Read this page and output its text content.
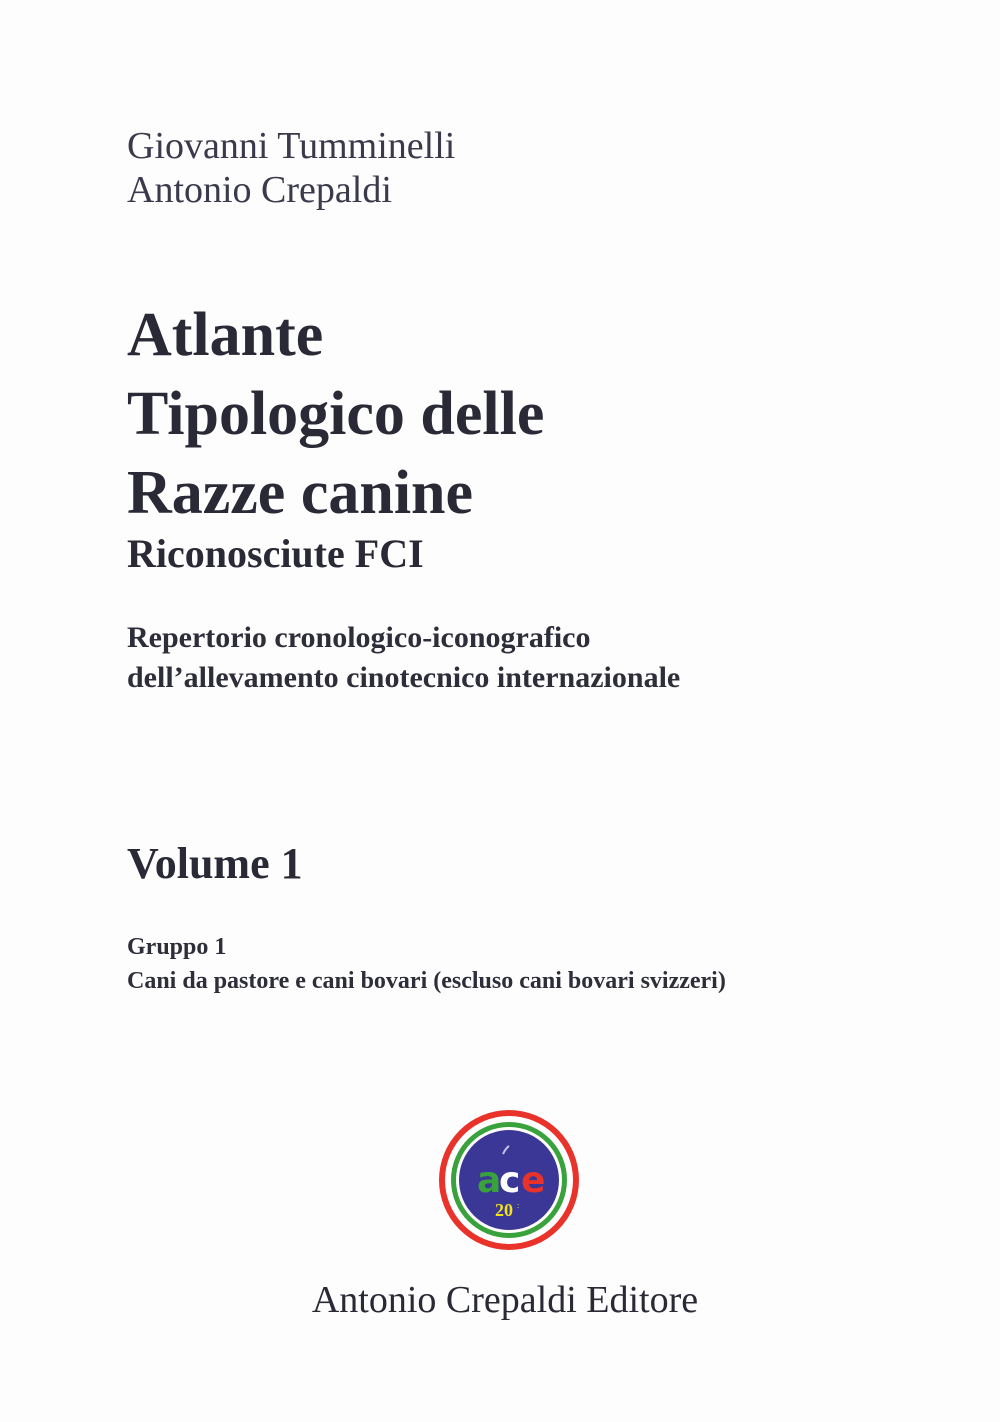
Giovanni Tumminelli
Antonio Crepaldi
Atlante
Tipologico delle
Razze canine
Riconosciute FCI
Repertorio cronologico-iconografico
dell’allevamento cinotecnico internazionale
Volume 1
Gruppo 1
Cani da pastore e cani bovari (escluso cani bovari svizzeri)
a
c e
20 :
Antonio Crepaldi Editore
